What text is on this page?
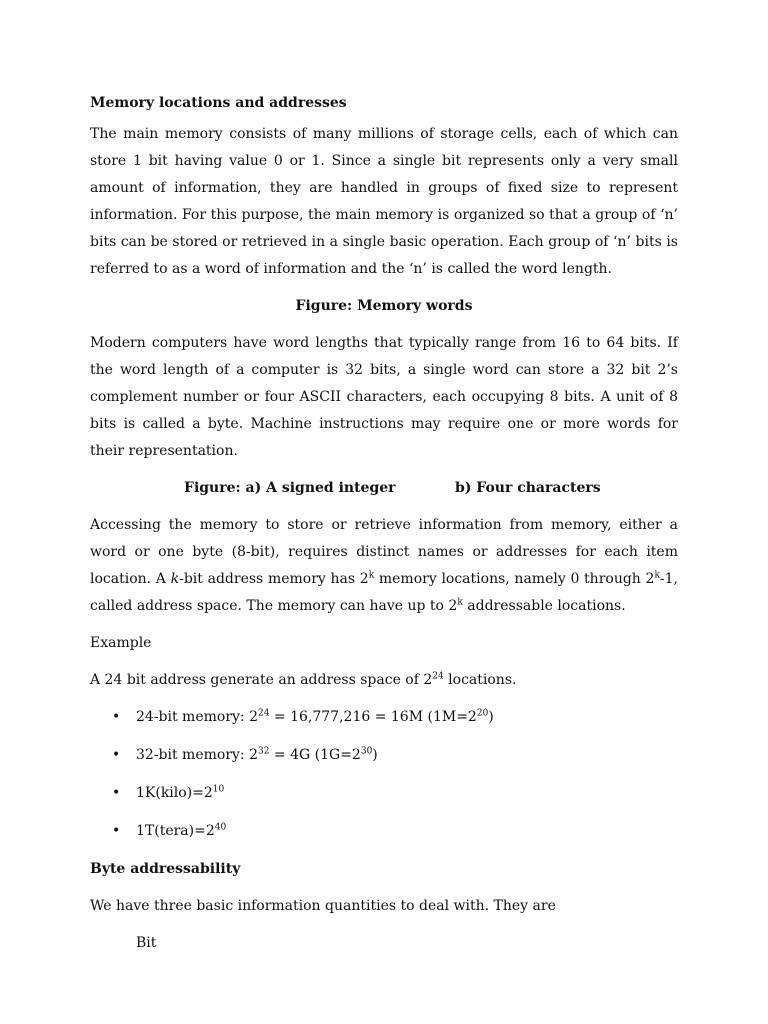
Memory locations and addresses

The main memory consists of many millions of storage cells, each of which can store 1 bit having value 0 or 1. Since a single bit represents only a very small amount of information, they are handled in groups of fixed size to represent information. For this purpose, the main memory is organized so that a group of ‘n’ bits can be stored or retrieved in a single basic operation. Each group of ‘n’ bits is referred to as a word of information and the ‘n’ is called the word length.

Figure: Memory words

Modern computers have word lengths that typically range from 16 to 64 bits. If the word length of a computer is 32 bits, a single word can store a 32 bit 2’s complement number or four ASCII characters, each occupying 8 bits. A unit of 8 bits is called a byte. Machine instructions may require one or more words for their representation.

Figure: a) A signed integer	b) Four characters

Accessing the memory to store or retrieve information from memory, either a word or one byte (8-bit), requires distinct names or addresses for each item location. A k-bit address memory has 2$^k$ memory locations, namely 0 through 2$^k$-1, called address space. The memory can have up to 2$^k$ addressable locations.

Example

A 24 bit address generate an address space of $2^{24}$ locations.

• 24-bit memory: $2^{24} = 16,777,216 = 16M$ $(1M=2^{20})$
• 32-bit memory: $2^{32} = 4G$ $(1G=2^{30})$
• $1K(kilo)=2^{10}$
• $1T(tera)=2^{40}$

Byte addressability

We have three basic information quantities to deal with. They are

Bit
